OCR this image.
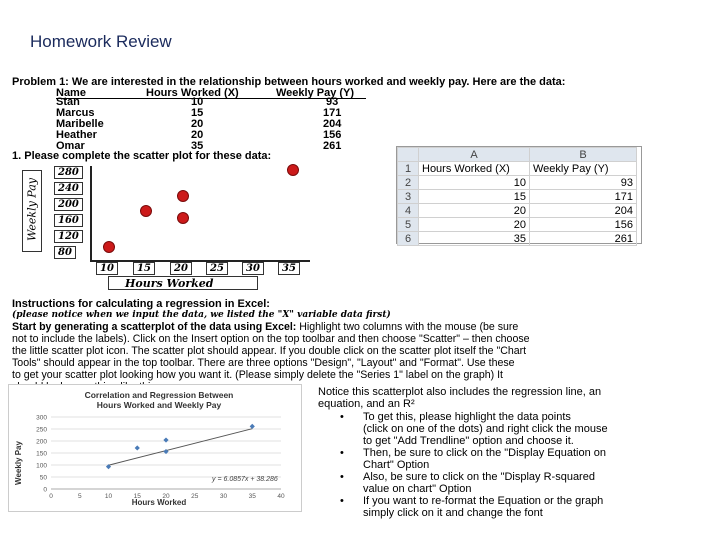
Homework Review
Problem 1: We are interested in the relationship between hours worked and weekly pay. Here are the data:
Name	Hours Worked (X)	Weekly Pay (Y)
Stan	10	93
Marcus	15	171
Maribelle	20	204
Heather	20	156
Omar	35	261
1. Please complete the scatter plot for these data:
Weekly Pay
280
240
200
160
120
80
10	15	20	25	30	35
Hours Worked
	A	B
1	Hours Worked (X)	Weekly Pay (Y)
2	10	93
3	15	171
4	20	204
5	20	156
6	35	261
Instructions for calculating a regression in Excel:
(please notice when we input the data, we listed the "X" variable data first)
Start by generating a scatterplot of the data using Excel: Highlight two columns with the mouse (be sure
not to include the labels). Click on the Insert option on the top toolbar and then choose "Scatter" – then choose
the little scatter plot icon. The scatter plot should appear. If you double click on the scatter plot itself the "Chart
Tools" should appear in the top toolbar. There are three options "Design", "Layout" and "Format". Use these
to get your scatter plot looking how you want it. (Please simply delete the "Series 1" label on the graph) It
Correlation and Regression Between
Hours Worked and Weekly Pay
Hours Worked
Weekly Pay
0
50
100
150
200
250
300
0	5	10	15	20	25	30	35	40
y = 6.0857x + 38.286
Notice this scatterplot also includes the regression line, an
equation, and an R²
• To get this, please highlight the data points
(click on one of the dots) and right click the mouse
to get "Add Trendline" option and choose it.
• Then, be sure to click on the "Display Equation on
Chart" Option
• Also, be sure to click on the "Display R-squared
value on chart" Option
• If you want to re-format the Equation or the graph
simply click on it and change the font
